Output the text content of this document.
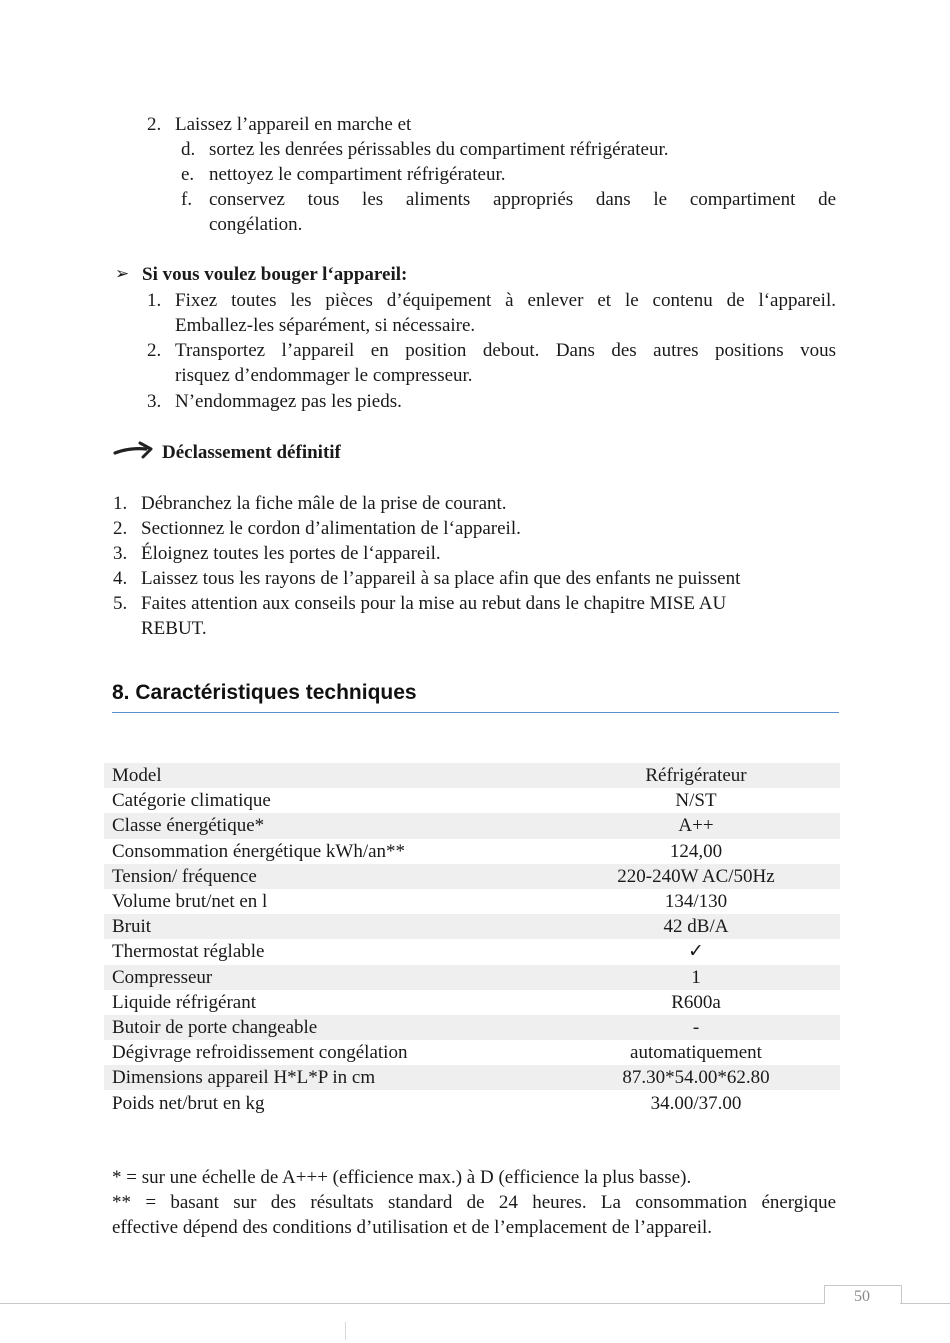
2. Laissez l’appareil en marche et
d. sortez les denrées périssables du compartiment réfrigérateur.
e. nettoyez le compartiment réfrigérateur.
f. conservez tous les aliments appropriés dans le compartiment de
congélation.
➢ Si vous voulez bouger l‘appareil:
1. Fixez toutes les pièces d’équipement à enlever et le contenu de l‘appareil.
Emballez-les séparément, si nécessaire.
2. Transportez l’appareil en position debout. Dans des autres positions vous
risquez d’endommager le compresseur.
3. N’endommagez pas les pieds.
Déclassement définitif
1. Débranchez la fiche mâle de la prise de courant.
2. Sectionnez le cordon d’alimentation de l‘appareil.
3. Éloignez toutes les portes de l‘appareil.
4. Laissez tous les rayons de l’appareil à sa place afin que des enfants ne puissent
5. Faites attention aux conseils pour la mise au rebut dans le chapitre MISE AU
REBUT.
8. Caractéristiques techniques
Model	Réfrigérateur
Catégorie climatique	N/ST
Classe énergétique*	A++
Consommation énergétique kWh/an**	124,00
Tension/ fréquence	220-240W AC/50Hz
Volume brut/net en l	134/130
Bruit	42 dB/A
Thermostat réglable	✓
Compresseur	1
Liquide réfrigérant	R600a
Butoir de porte changeable	-
Dégivrage refroidissement congélation	automatiquement
Dimensions appareil H*L*P in cm	87.30*54.00*62.80
Poids net/brut en kg	34.00/37.00
* = sur une échelle de A+++ (efficience max.) à D (efficience la plus basse).
** = basant sur des résultats standard de 24 heures. La consommation énergique
effective dépend des conditions d’utilisation et de l’emplacement de l’appareil.
50
